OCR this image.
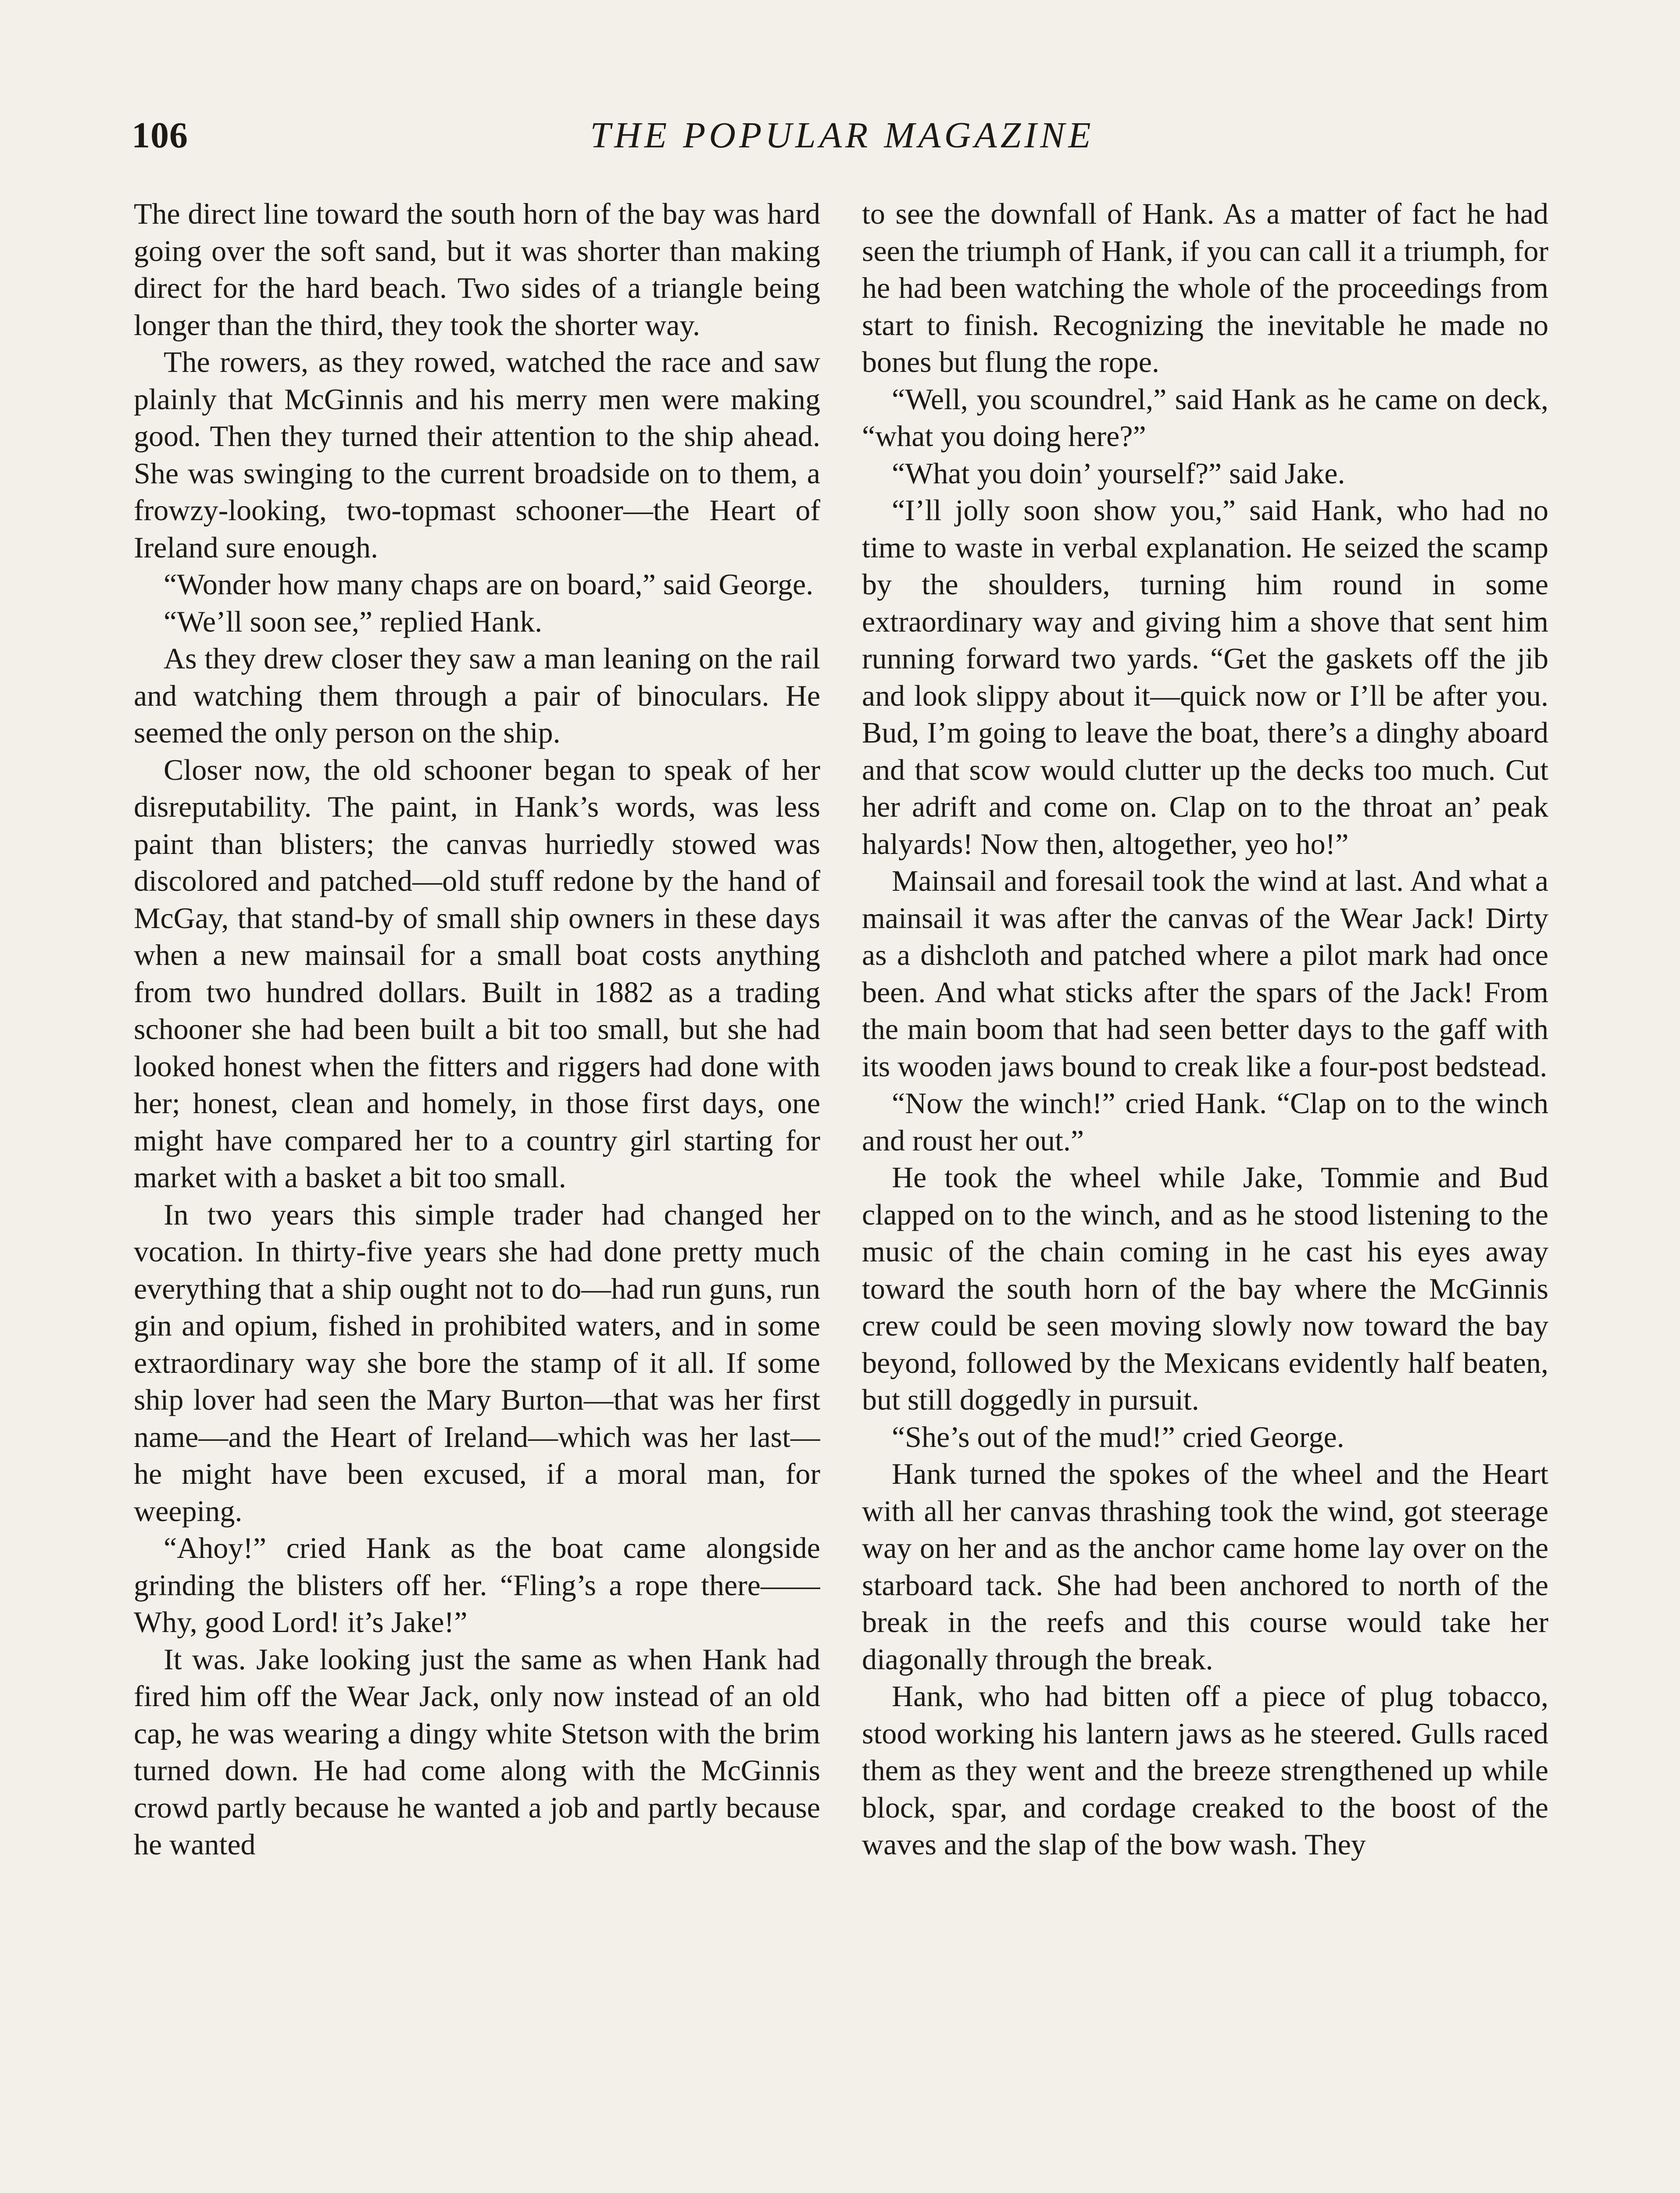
106	THE POPULAR MAGAZINE

The direct line toward the south horn of the bay was hard going over the soft sand, but it was shorter than making direct for the hard beach. Two sides of a triangle being longer than the third, they took the shorter way.

The rowers, as they rowed, watched the race and saw plainly that McGinnis and his merry men were making good. Then they turned their attention to the ship ahead. She was swinging to the current broadside on to them, a frowzy-looking, two-topmast schooner—the Heart of Ireland sure enough.

“Wonder how many chaps are on board,” said George.

“We’ll soon see,” replied Hank.

As they drew closer they saw a man leaning on the rail and watching them through a pair of binoculars. He seemed the only person on the ship.

Closer now, the old schooner began to speak of her disreputability. The paint, in Hank’s words, was less paint than blisters; the canvas hurriedly stowed was discolored and patched—old stuff redone by the hand of McGay, that stand-by of small ship owners in these days when a new mainsail for a small boat costs anything from two hundred dollars. Built in 1882 as a trading schooner she had been built a bit too small, but she had looked honest when the fitters and riggers had done with her; honest, clean and homely, in those first days, one might have compared her to a country girl starting for market with a basket a bit too small.

In two years this simple trader had changed her vocation. In thirty-five years she had done pretty much everything that a ship ought not to do—had run guns, run gin and opium, fished in prohibited waters, and in some extraordinary way she bore the stamp of it all. If some ship lover had seen the Mary Burton—that was her first name—and the Heart of Ireland—which was her last—he might have been excused, if a moral man, for weeping.

“Ahoy!” cried Hank as the boat came alongside grinding the blisters off her. “Fling’s a rope there—— Why, good Lord! it’s Jake!”

It was. Jake looking just the same as when Hank had fired him off the Wear Jack, only now instead of an old cap, he was wearing a dingy white Stetson with the brim turned down. He had come along with the McGinnis crowd partly because he wanted a job and partly because he wanted

to see the downfall of Hank. As a matter of fact he had seen the triumph of Hank, if you can call it a triumph, for he had been watching the whole of the proceedings from start to finish. Recognizing the inevitable he made no bones but flung the rope.

“Well, you scoundrel,” said Hank as he came on deck, “what you doing here?”

“What you doin’ yourself?” said Jake.

“I’ll jolly soon show you,” said Hank, who had no time to waste in verbal explanation. He seized the scamp by the shoulders, turning him round in some extraordinary way and giving him a shove that sent him running forward two yards. “Get the gaskets off the jib and look slippy about it—quick now or I’ll be after you. Bud, I’m going to leave the boat, there’s a dinghy aboard and that scow would clutter up the decks too much. Cut her adrift and come on. Clap on to the throat an’ peak halyards! Now then, altogether, yeo ho!”

Mainsail and foresail took the wind at last. And what a mainsail it was after the canvas of the Wear Jack! Dirty as a dishcloth and patched where a pilot mark had once been. And what sticks after the spars of the Jack! From the main boom that had seen better days to the gaff with its wooden jaws bound to creak like a four-post bedstead.

“Now the winch!” cried Hank. “Clap on to the winch and roust her out.”

He took the wheel while Jake, Tommie and Bud clapped on to the winch, and as he stood listening to the music of the chain coming in he cast his eyes away toward the south horn of the bay where the McGinnis crew could be seen moving slowly now toward the bay beyond, followed by the Mexicans evidently half beaten, but still doggedly in pursuit.

“She’s out of the mud!” cried George.

Hank turned the spokes of the wheel and the Heart with all her canvas thrashing took the wind, got steerage way on her and as the anchor came home lay over on the starboard tack. She had been anchored to north of the break in the reefs and this course would take her diagonally through the break.

Hank, who had bitten off a piece of plug tobacco, stood working his lantern jaws as he steered. Gulls raced them as they went and the breeze strengthened up while block, spar, and cordage creaked to the boost of the waves and the slap of the bow wash. They
